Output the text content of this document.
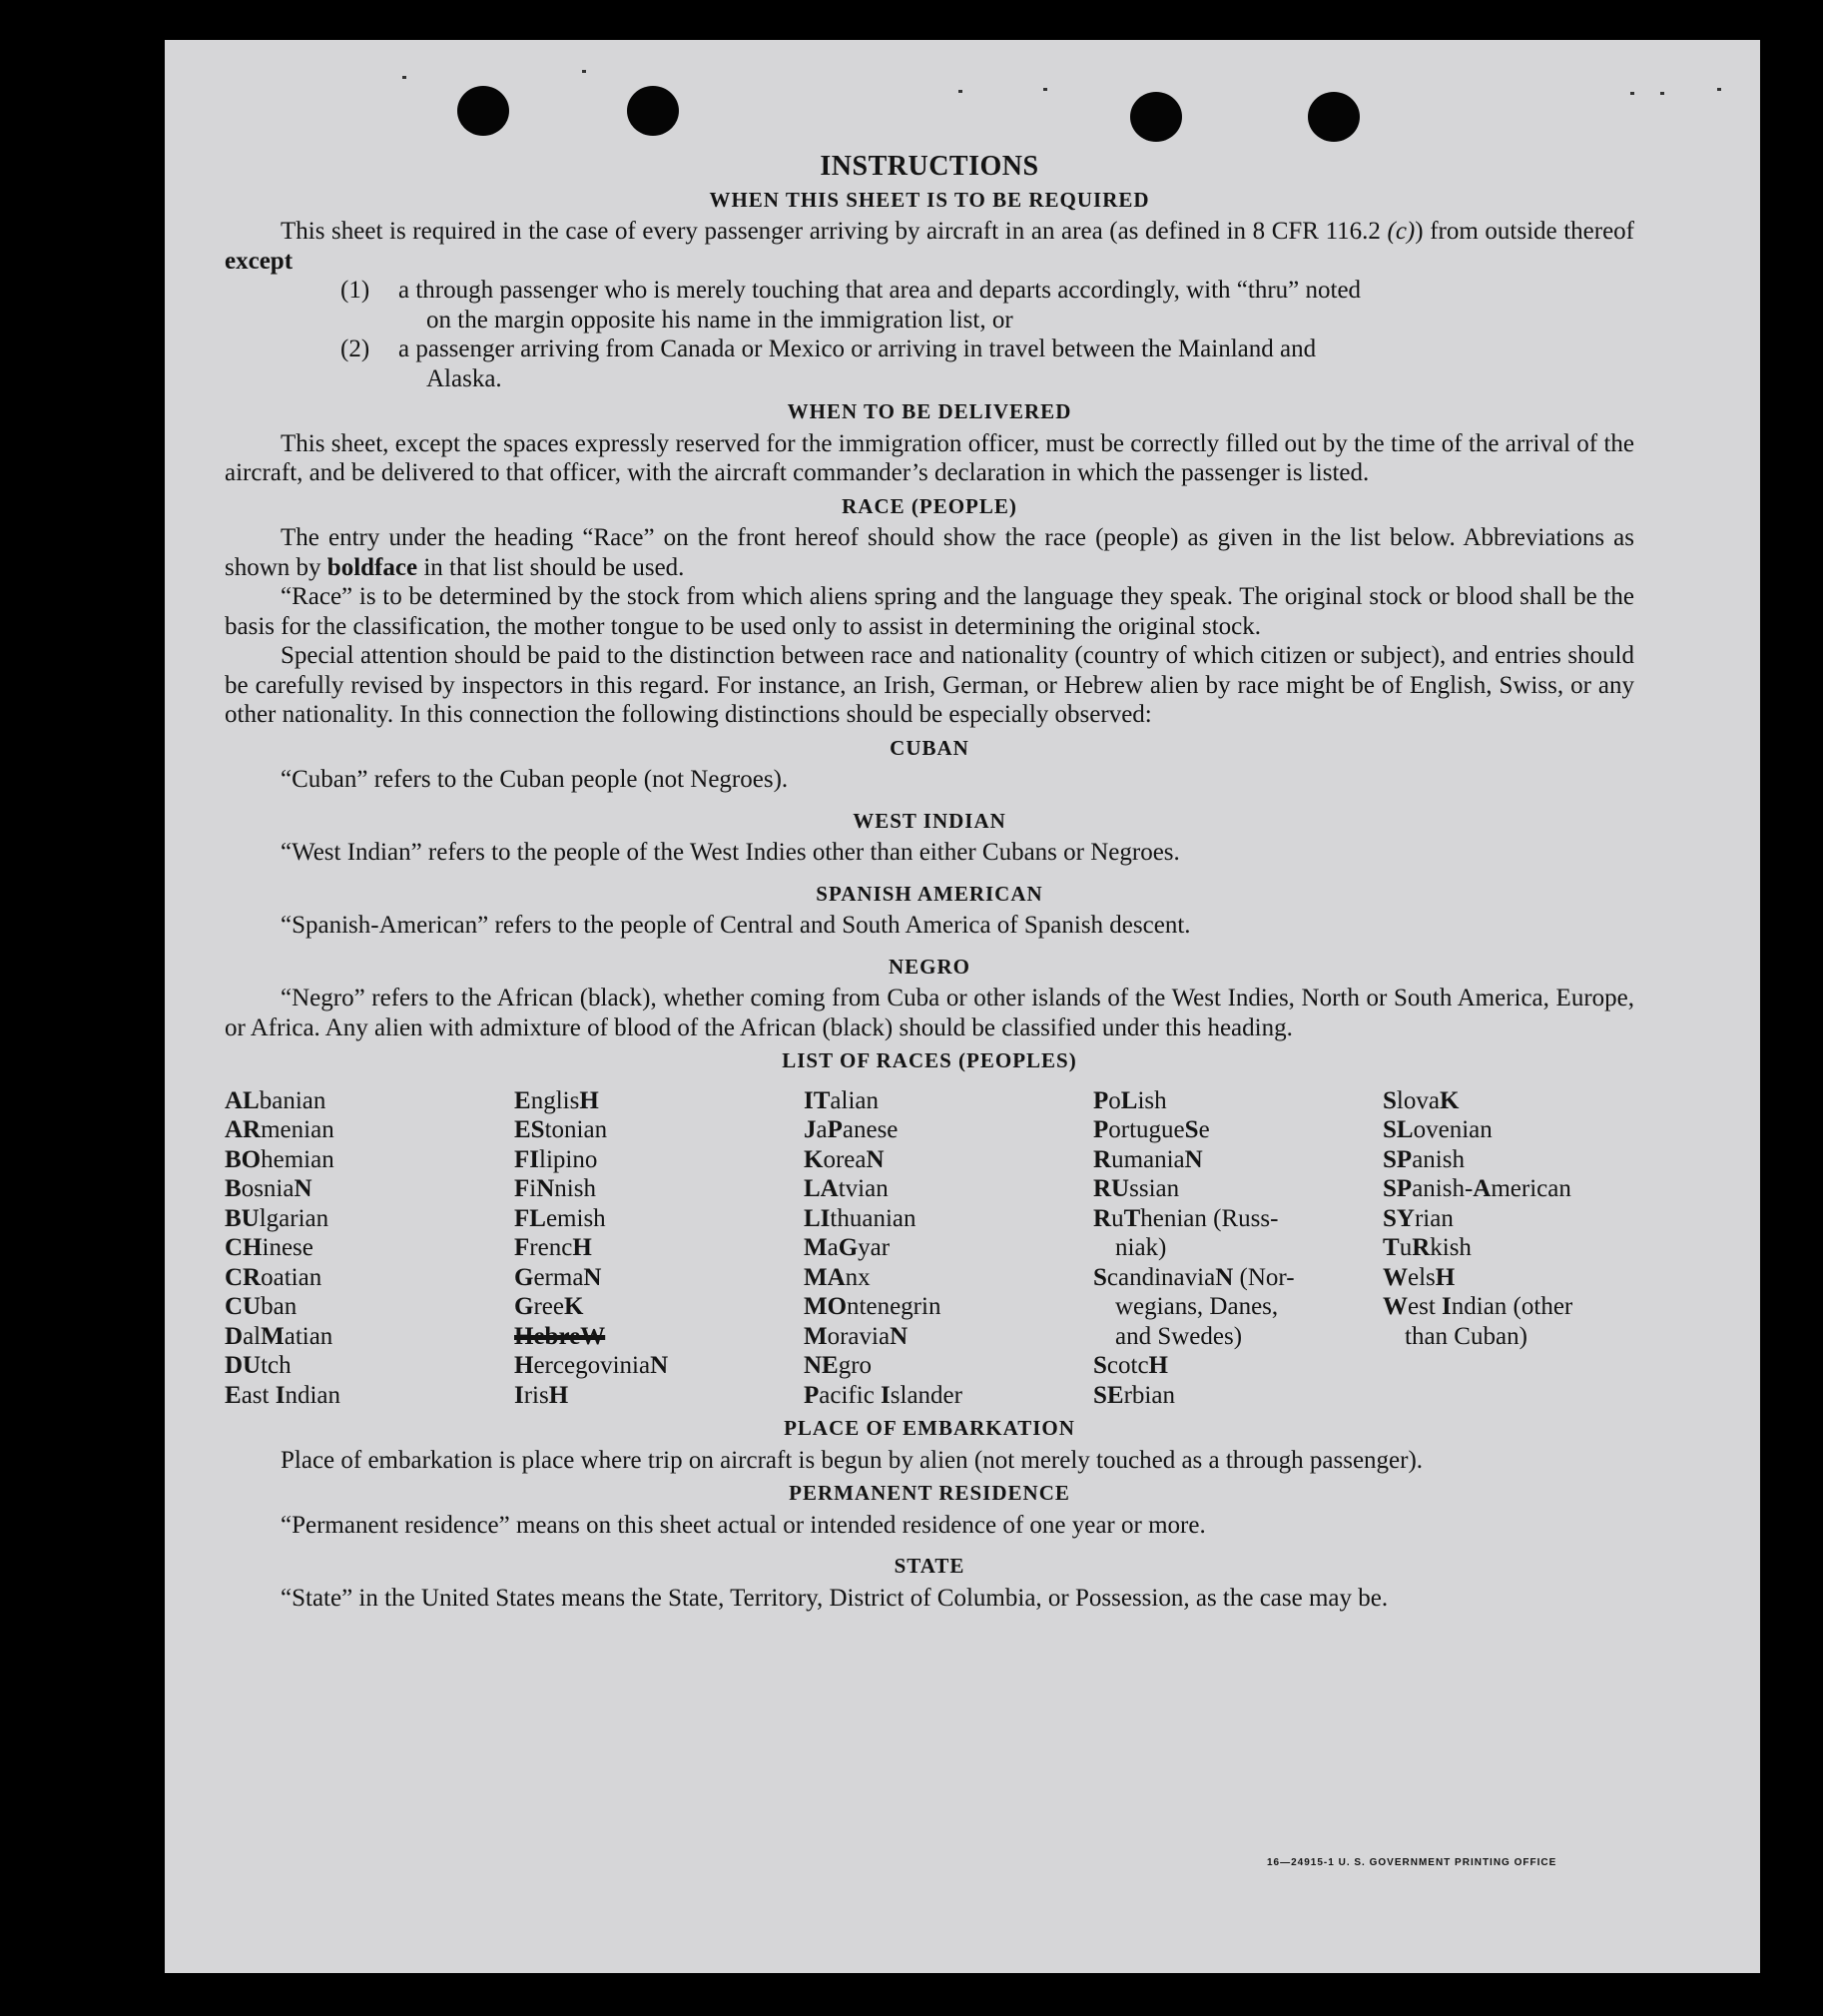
INSTRUCTIONS
WHEN THIS SHEET IS TO BE REQUIRED

This sheet is required in the case of every passenger arriving by aircraft in an area (as defined in 8 CFR 116.2 (c)) from outside thereof except

(1)	a through passenger who is merely touching that area and departs accordingly, with “thru” noted
on the margin opposite his name in the immigration list, or
(2)	a passenger arriving from Canada or Mexico or arriving in travel between the Mainland and
Alaska.
WHEN TO BE DELIVERED

This sheet, except the spaces expressly reserved for the immigration officer, must be correctly filled out by the time of the arrival of the aircraft, and be delivered to that officer, with the aircraft commander’s declaration in which the passenger is listed.

RACE (PEOPLE)

The entry under the heading “Race” on the front hereof should show the race (people) as given in the list below. Abbreviations as shown by boldface in that list should be used.

“Race” is to be determined by the stock from which aliens spring and the language they speak. The original stock or blood shall be the basis for the classification, the mother tongue to be used only to assist in determining the original stock.

Special attention should be paid to the distinction between race and nationality (country of which citizen or subject), and entries should be carefully revised by inspectors in this regard. For instance, an Irish, German, or Hebrew alien by race might be of English, Swiss, or any other nationality. In this connection the following distinctions should be especially observed:

CUBAN

“Cuban” refers to the Cuban people (not Negroes).

WEST INDIAN

“West Indian” refers to the people of the West Indies other than either Cubans or Negroes.

SPANISH AMERICAN

“Spanish-American” refers to the people of Central and South America of Spanish descent.

NEGRO

“Negro” refers to the African (black), whether coming from Cuba or other islands of the West Indies, North or South America, Europe, or Africa. Any alien with admixture of blood of the African (black) should be classified under this heading.

LIST OF RACES (PEOPLES)
ALbanian
ARmenian
BOhemian
BosniaN
BUlgarian
CHinese
CRoatian
CUban
DalMatian
DUtch
East Indian
EnglisH
EStonian
FIlipino
FiNnish
FLemish
FrencH
GermaN
GreeK
HebreW
HercegoviniaN
IrisH
ITalian
JaPanese
KoreaN
LAtvian
LIthuanian
MaGyar
MAnx
MOntenegrin
MoraviaN
NEgro
Pacific Islander
PoLish
PortugueSe
RumaniaN
RUssian
RuThenian (Russ-
niak)
ScandinaviaN (Nor-
wegians, Danes,
and Swedes)
ScotcH
SErbian
SlovaK
SLovenian
SPanish
SPanish-American
SYrian
TuRkish
WelsH
West Indian (other
than Cuban)
PLACE OF EMBARKATION

Place of embarkation is place where trip on aircraft is begun by alien (not merely touched as a through passenger).

PERMANENT RESIDENCE

“Permanent residence” means on this sheet actual or intended residence of one year or more.

STATE

“State” in the United States means the State, Territory, District of Columbia, or Possession, as the case may be.

16—24915-1 U. S. GOVERNMENT PRINTING OFFICE
